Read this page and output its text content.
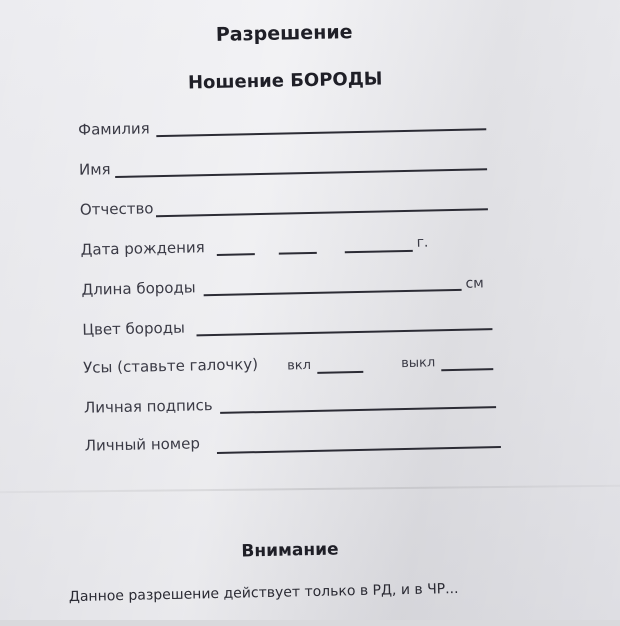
Разрешение
Ношение БОРОДЫ
Фамилия
Имя
Отчество
Дата рождения	г.
Длина бороды	см
Цвет бороды
Усы (ставьте галочку) вкл	выкл
Личная подпись
Личный номер
Внимание
Данное разрешение действует только в РД, и в ЧР...
